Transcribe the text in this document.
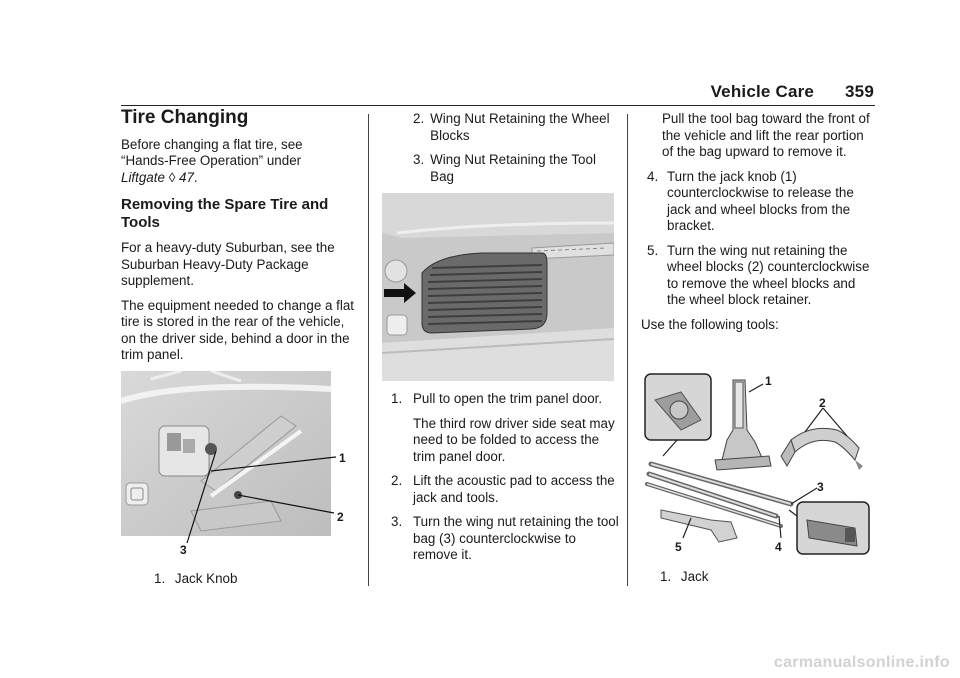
Vehicle Care 359
Tire Changing

Before changing a flat tire, see
“Hands-Free Operation” under
Liftgate ◊ 47.

Removing the Spare Tire and
Tools

For a heavy-duty Suburban, see the Suburban Heavy-Duty Package supplement.

The equipment needed to change a flat tire is stored in the rear of the vehicle, on the driver side, behind a door in the trim panel.

1
2
3
1. Jack Knob
2. Wing Nut Retaining the Wheel Blocks
3. Wing Nut Retaining the Tool Bag
1. Pull to open the trim panel door.
The third row driver side seat may need to be folded to access the trim panel door.
2. Lift the acoustic pad to access the jack and tools.
3. Turn the wing nut retaining the tool bag (3) counterclockwise to remove it.

Pull the tool bag toward the front of the vehicle and lift the rear portion of the bag upward to remove it.

4. Turn the jack knob (1) counterclockwise to release the jack and wheel blocks from the bracket.
5. Turn the wing nut retaining the wheel blocks (2) counterclockwise to remove the wheel blocks and the wheel block retainer.

Use the following tools:

1
2
3
4
5
1. Jack
carmanualsonline.info
